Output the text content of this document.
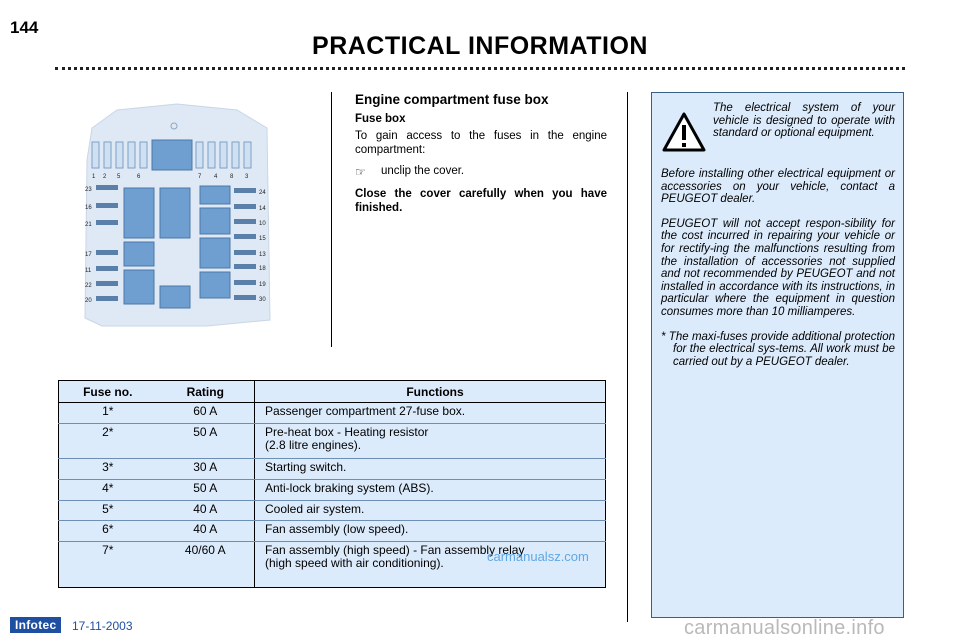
144
PRACTICAL INFORMATION
1 2 5	6	7 4 8 3
23
16
21
17
11
22
20
24
14
10
15
13
18
19
30
Engine compartment fuse box
Fuse box
To gain access to the fuses in the engine compartment:
☞	unclip the cover.
Close the cover carefully when you have finished.
Fuse no.	Rating	Functions
1*	60 A	Passenger compartment 27-fuse box.
2*	50 A	Pre-heat box - Heating resistor
(2.8 litre engines).

3*	30 A	Starting switch.
4*	50 A	Anti-lock braking system (ABS).
5*	40 A	Cooled air system.
6*	40 A	Fan assembly (low speed).
7*	40/60 A	Fan assembly (high speed) - Fan assembly relay
(high speed with air conditioning).
The electrical system of your vehicle is designed to operate with standard or optional equipment.
Before installing other electrical equipment or accessories on your vehicle, contact a PEUGEOT dealer.
PEUGEOT will not accept respon-sibility for the cost incurred in repairing your vehicle or for rectify-ing the malfunctions resulting from the installation of accessories not supplied and not recommended by PEUGEOT and not installed in accordance with its instructions, in particular where the equipment in question consumes more than 10 milliamperes.
* The maxi-fuses provide additional protection for the electrical sys-tems. All work must be carried out by a PEUGEOT dealer.
carmanualsz.com
Infotec	17-11-2003	carmanualsonline.info
